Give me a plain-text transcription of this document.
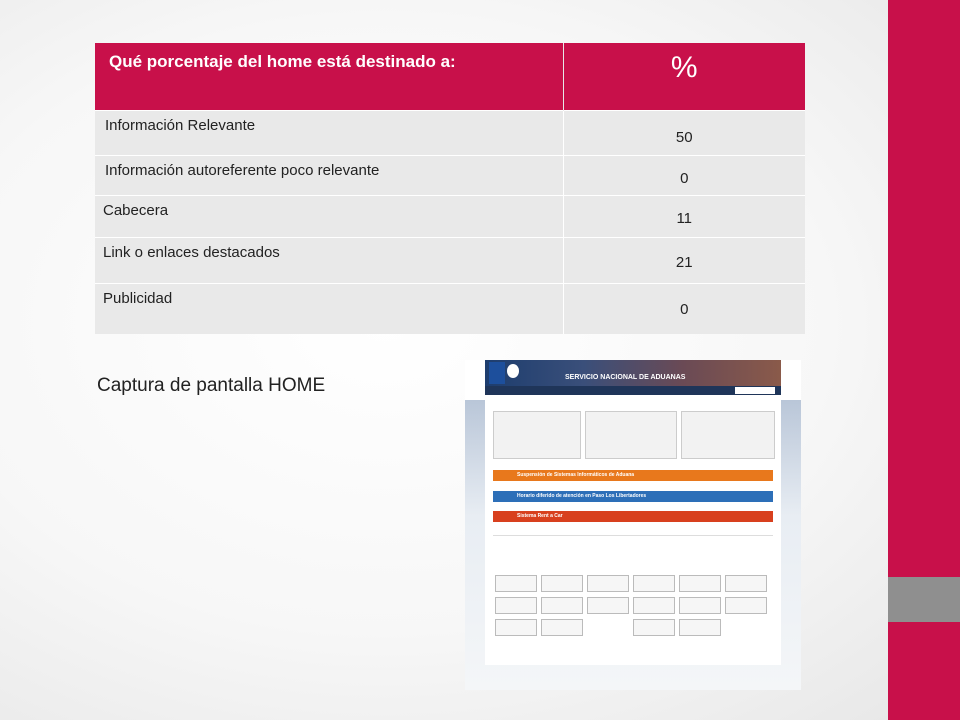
Qué porcentaje del home está destinado a:	%
Información Relevante	50
Información autoreferente poco relevante	0
Cabecera	11
Link o enlaces destacados	21
Publicidad	0
Captura de pantalla HOME	SERVICIO NACIONAL DE ADUANAS
Suspensión de Sistemas Informáticos de Aduana
Horario diferido de atención en Paso Los Libertadores
Sistema Rent a Car
